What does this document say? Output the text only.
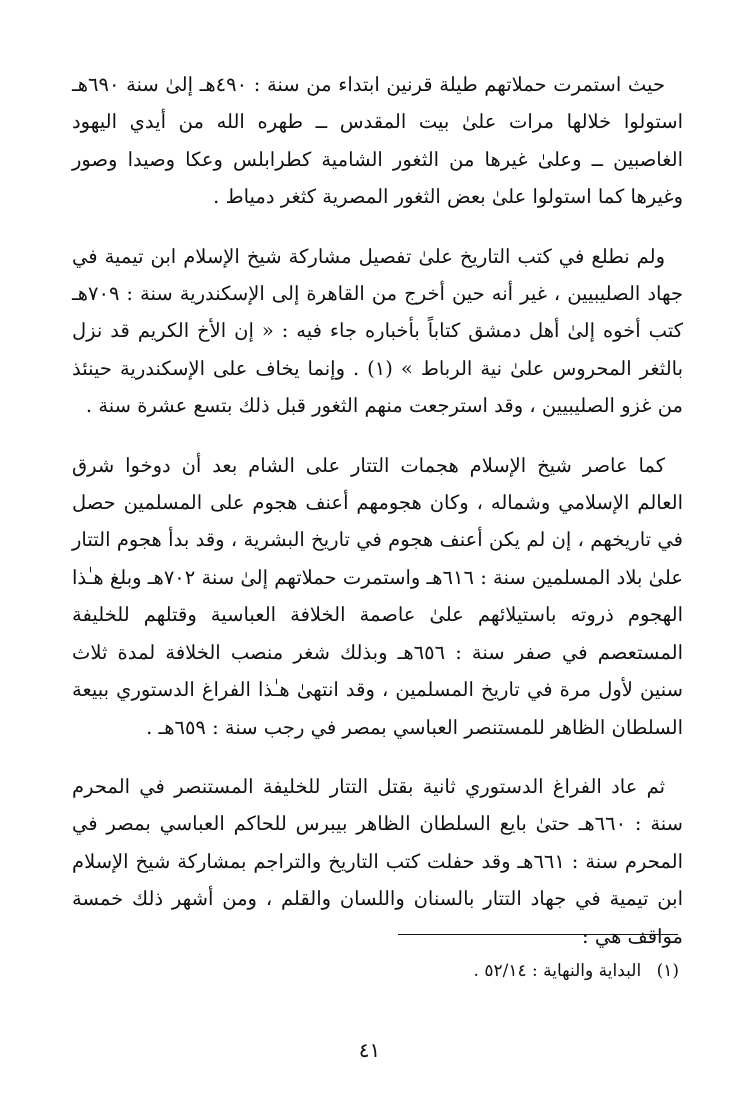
حيث استمرت حملاتهم طيلة قرنين ابتداء من سنة : ٤٩٠هـ إلىٰ سنة ٦٩٠هـ استولوا خلالها مرات علىٰ بيت المقدس ــ طهره الله من أيدي اليهود الغاصبين ــ وعلىٰ غيرها من الثغور الشامية كطرابلس وعكا وصيدا وصور وغيرها كما استولوا علىٰ بعض الثغور المصرية كثغر دمياط .

ولم نطلع في كتب التاريخ علىٰ تفصيل مشاركة شيخ الإسلام ابن تيمية في جهاد الصليبيين ، غير أنه حين أخرج من القاهرة إلى الإسكندرية سنة : ٧٠٩هـ كتب أخوه إلىٰ أهل دمشق كتاباً بأخباره جاء فيه : « إن الأخ الكريم قد نزل بالثغر المحروس علىٰ نية الرباط » (١) . وإنما يخاف على الإسكندرية حينئذ من غزو الصليبيين ، وقد استرجعت منهم الثغور قبل ذلك بتسع عشرة سنة .

كما عاصر شيخ الإسلام هجمات التتار على الشام بعد أن دوخوا شرق العالم الإسلامي وشماله ، وكان هجومهم أعنف هجوم على المسلمين حصل في تاريخهم ، إن لم يكن أعنف هجوم في تاريخ البشرية ، وقد بدأ هجوم التتار علىٰ بلاد المسلمين سنة : ٦١٦هـ واستمرت حملاتهم إلىٰ سنة ٧٠٢هـ وبلغ هـٰذا الهجوم ذروته باستيلائهم علىٰ عاصمة الخلافة العباسية وقتلهم للخليفة المستعصم في صفر سنة : ٦٥٦هـ وبذلك شغر منصب الخلافة لمدة ثلاث سنين لأول مرة في تاريخ المسلمين ، وقد انتهىٰ هـٰذا الفراغ الدستوري ببيعة السلطان الظاهر للمستنصر العباسي بمصر في رجب سنة : ٦٥٩هـ .

ثم عاد الفراغ الدستوري ثانية بقتل التتار للخليفة المستنصر في المحرم سنة : ٦٦٠هـ حتىٰ بايع السلطان الظاهر بيبرس للحاكم العباسي بمصر في المحرم سنة : ٦٦١هـ وقد حفلت كتب التاريخ والتراجم بمشاركة شيخ الإسلام ابن تيمية في جهاد التتار بالسنان واللسان والقلم ، ومن أشهر ذلك خمسة مواقف هي :

(١) البداية والنهاية : ٥٢/١٤ .
٤١
